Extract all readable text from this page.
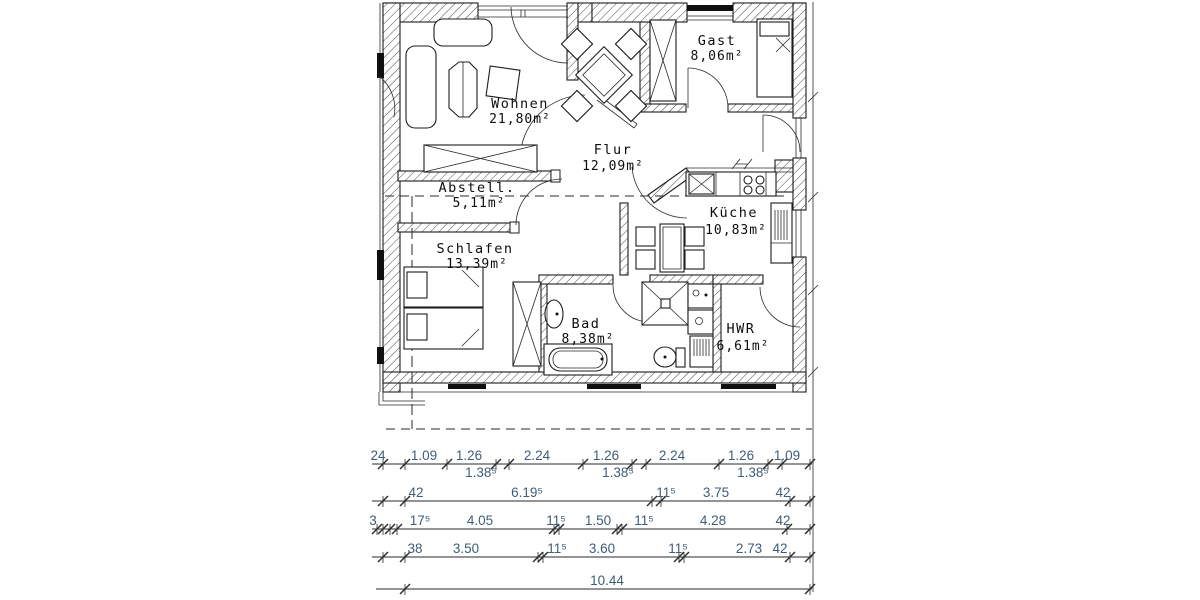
Wohnen
21,80m²
Gast
8,06m²
Flur
12,09m²
Abstell.
5,11m²
Schlafen
13,39m²
Küche
10,83m²
Bad
8,38m²
HWR
6,61m²
24 1.09 1.26	2.24	1.26	2.24	1.26 1.09
1.38⁵	1.38⁵	1.38⁵
42	6.19⁵	11⁵ 3.75	42
3 17⁵	4.05	11⁵ 1.50 11⁵	4.28	42
38 3.50	11⁵ 3.60	11⁵	2.73 42
10.44
